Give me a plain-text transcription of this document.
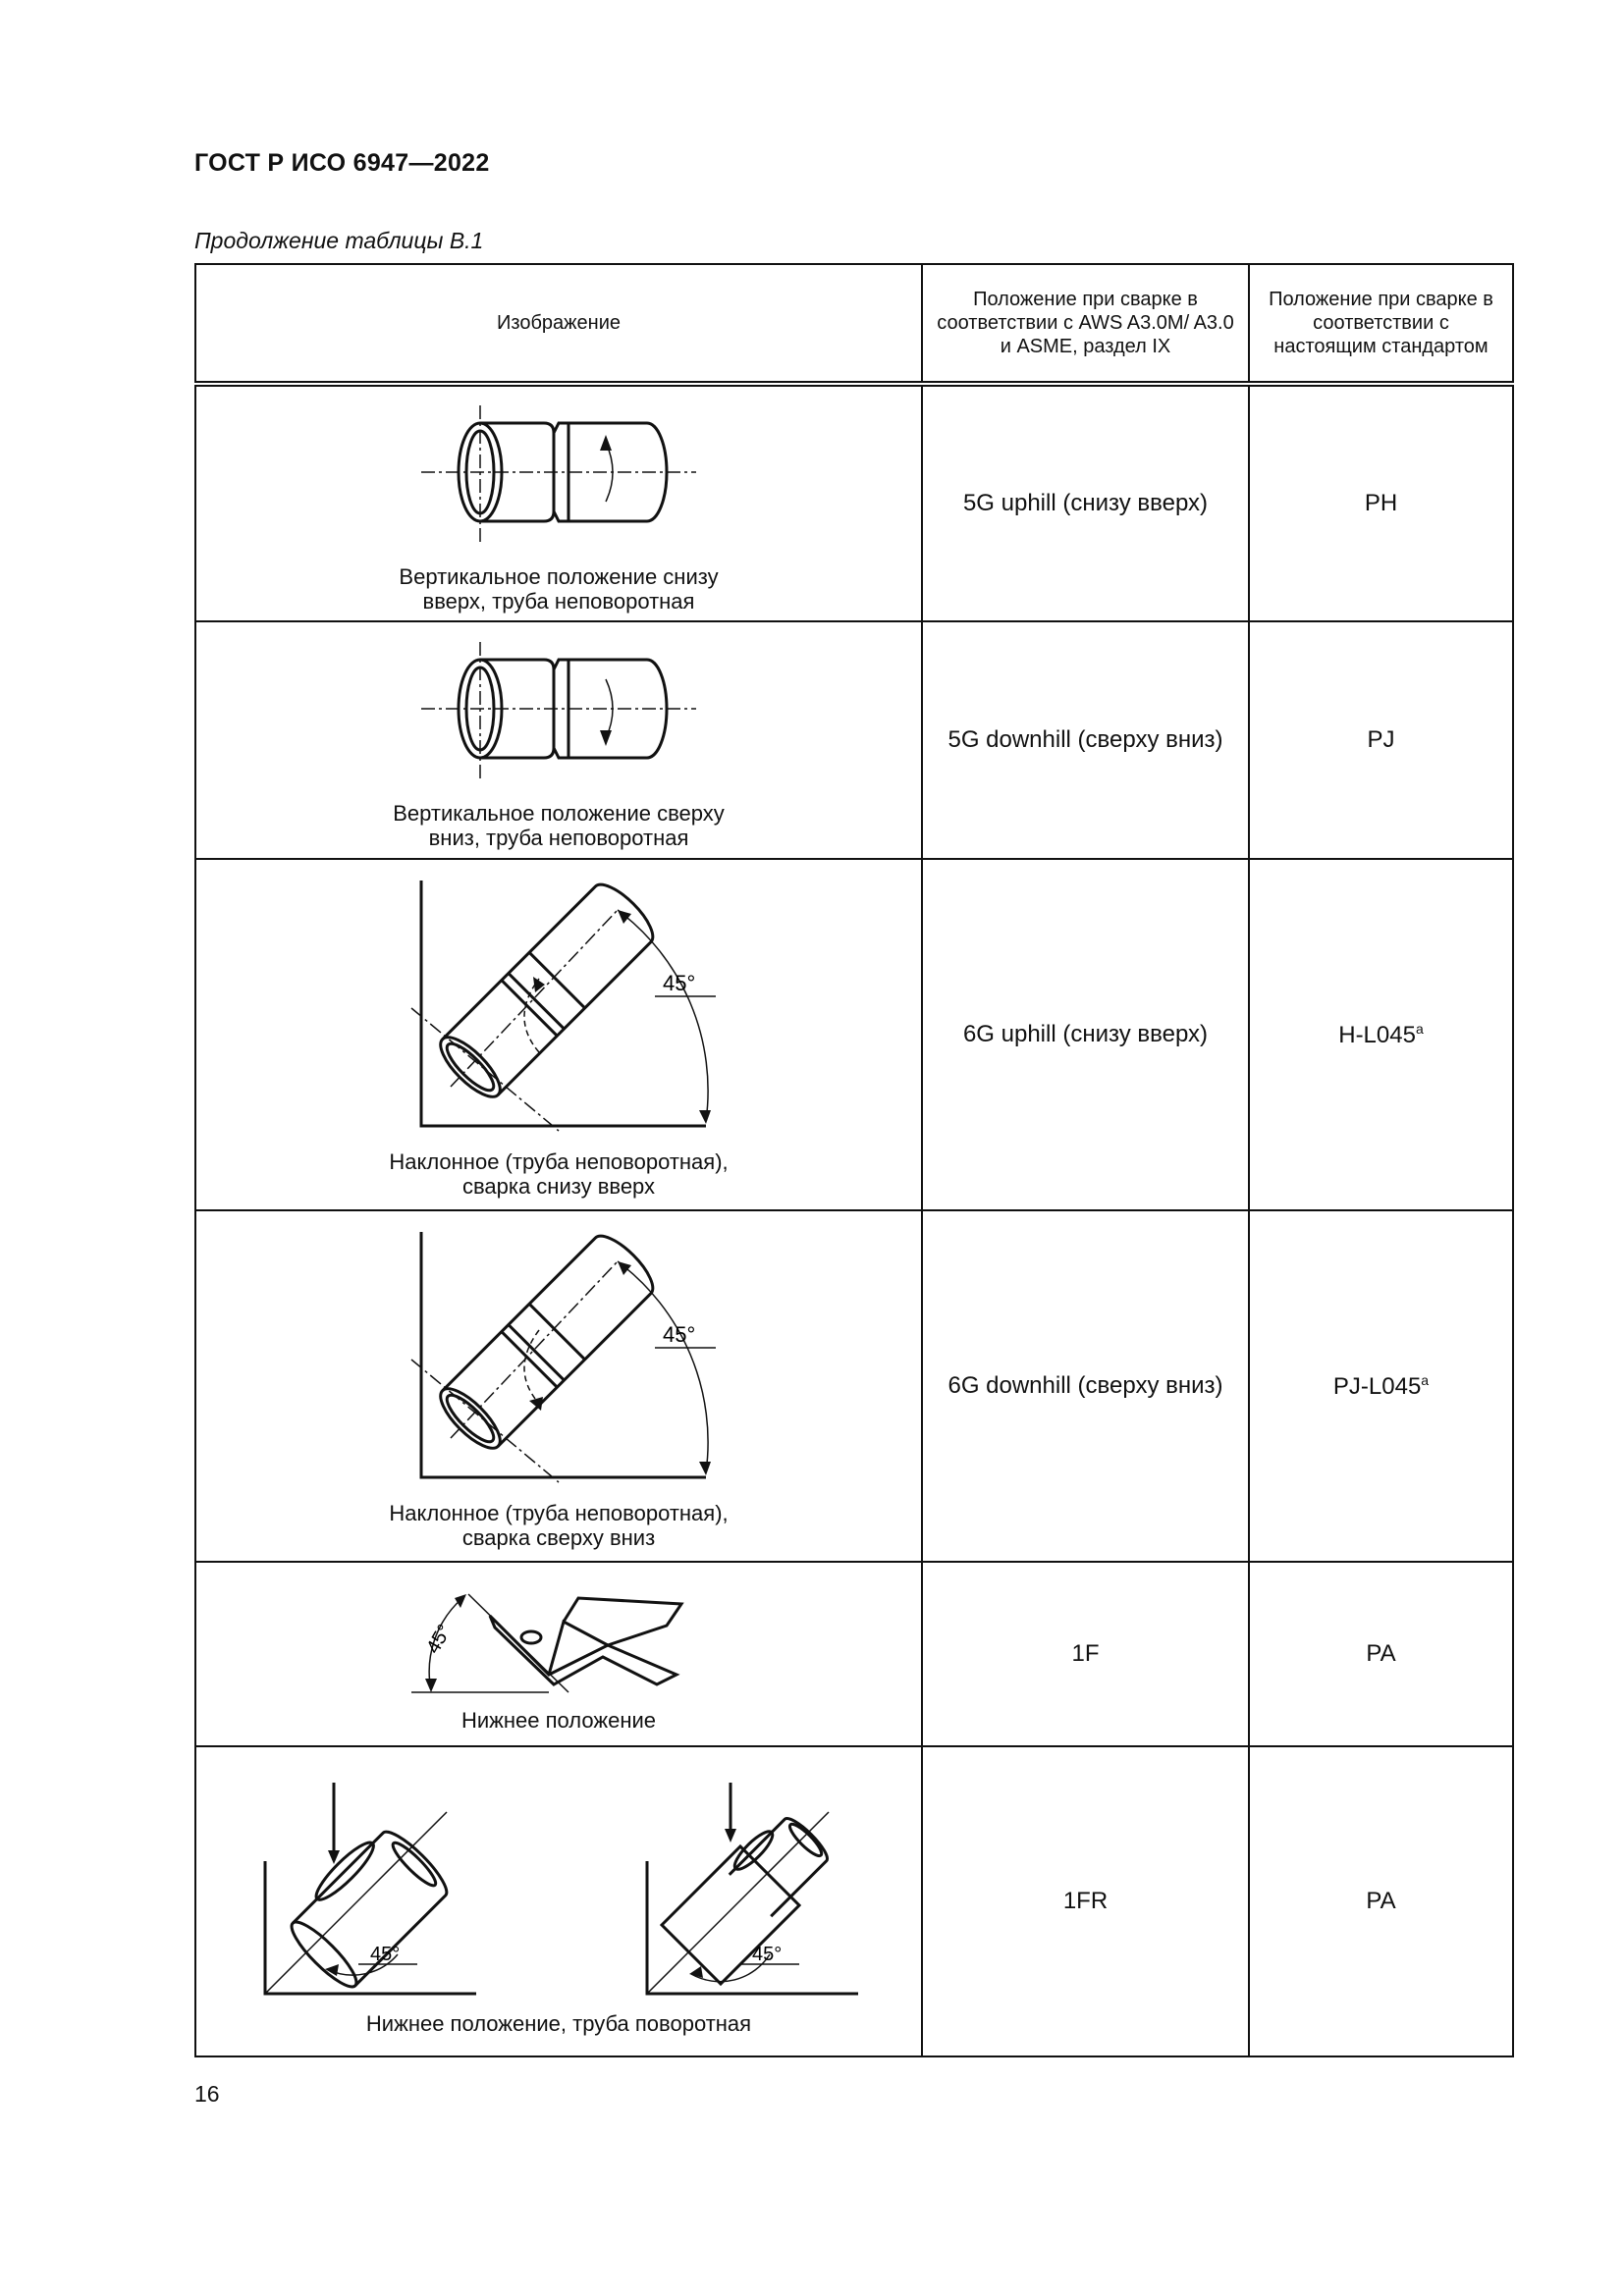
ГОСТ Р ИСО 6947—2022
Продолжение таблицы B.1
Изображение	Положение при сварке в соответствии с AWS A3.0M/ A3.0 и ASME, раздел IX	Положение при сварке в соответствии с настоящим стандартом

Вертикальное положение снизу вверх, труба неповоротная	5G uphill (снизу вверх)	PH

Вертикальное положение сверху вниз, труба неповоротная	5G downhill (сверху вниз)	PJ

45°
Наклонное (труба неповоротная), сварка снизу вверх	6G uphill (снизу вверх)	H-L045$^a$

45°
Наклонное (труба неповоротная), сварка сверху вниз	6G downhill (сверху вниз)	PJ-L045$^a$

45°
Нижнее положение	1F	PA

45° 45°
Нижнее положение, труба поворотная	1FR	PA
16
